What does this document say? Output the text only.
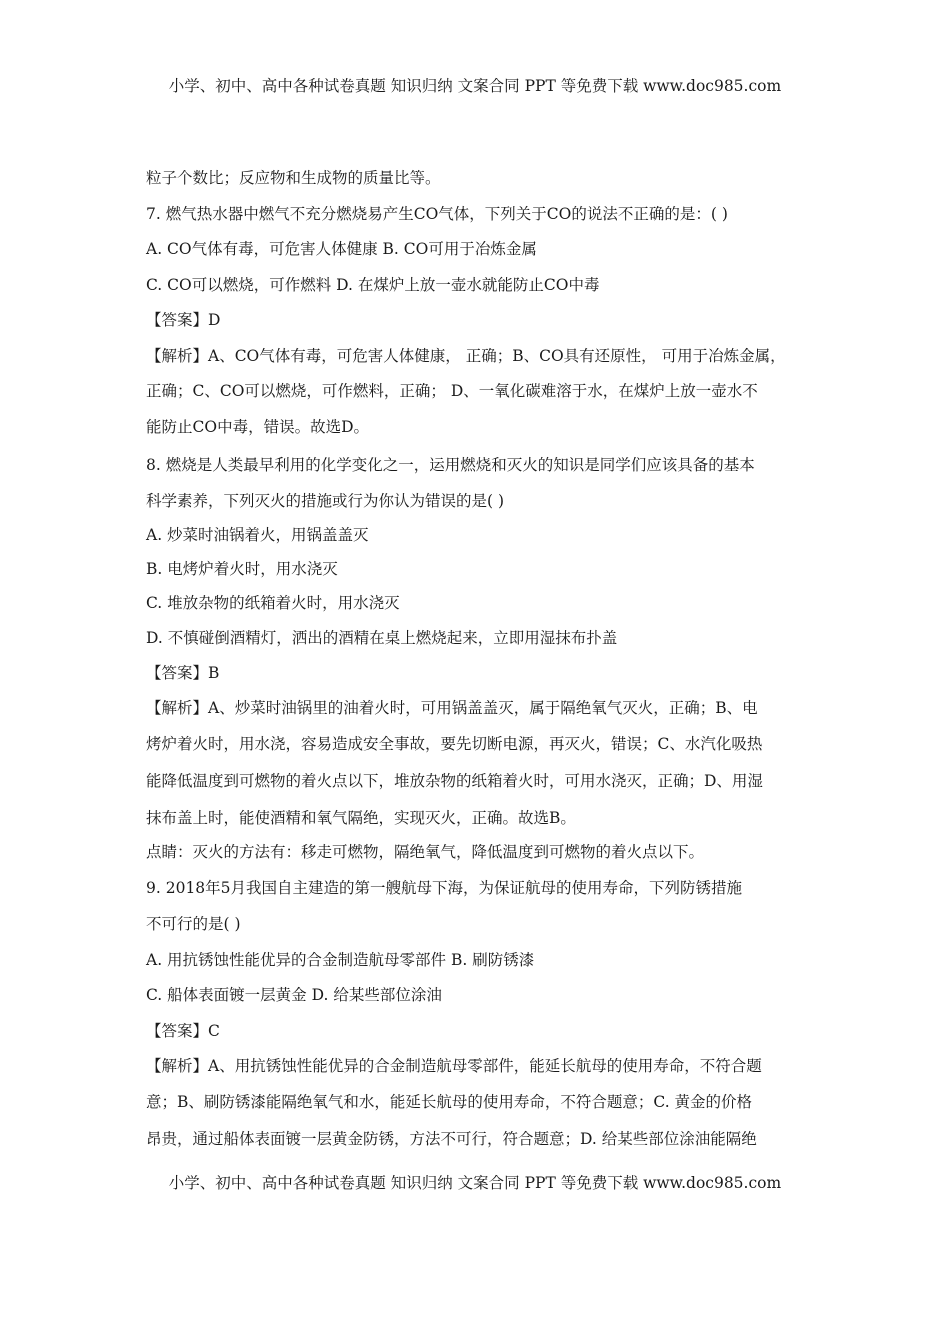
小学、初中、高中各种试卷真题 知识归纳 文案合同 PPT 等免费下载 www.doc985.com
粒子个数比；反应物和生成物的质量比等。
7. 燃气热水器中燃气不充分燃烧易产生CO气体，下列关于CO的说法不正确的是：( )
A. CO气体有毒，可危害人体健康 B. CO可用于冶炼金属
C. CO可以燃烧，可作燃料 D. 在煤炉上放一壶水就能防止CO中毒
【答案】D
【解析】A、CO气体有毒，可危害人体健康， 正确；B、CO具有还原性， 可用于冶炼金属，
正确；C、CO可以燃烧，可作燃料，正确； D、一氧化碳难溶于水，在煤炉上放一壶水不
能防止CO中毒，错误。故选D。
8. 燃烧是人类最早利用的化学变化之一，运用燃烧和灭火的知识是同学们应该具备的基本
科学素养，下列灭火的措施或行为你认为错误的是( )
A. 炒菜时油锅着火，用锅盖盖灭
B. 电烤炉着火时，用水浇灭
C. 堆放杂物的纸箱着火时，用水浇灭
D. 不慎碰倒酒精灯，洒出的酒精在桌上燃烧起来，立即用湿抹布扑盖
【答案】B
【解析】A、炒菜时油锅里的油着火时，可用锅盖盖灭，属于隔绝氧气灭火，正确；B、电
烤炉着火时，用水浇，容易造成安全事故，要先切断电源，再灭火，错误；C、水汽化吸热
能降低温度到可燃物的着火点以下，堆放杂物的纸箱着火时，可用水浇灭，正确；D、用湿
抹布盖上时，能使酒精和氧气隔绝，实现灭火，正确。故选B。
点睛：灭火的方法有：移走可燃物，隔绝氧气，降低温度到可燃物的着火点以下。
9. 2018年5月我国自主建造的第一艘航母下海，为保证航母的使用寿命，下列防锈措施
不可行的是( )
A. 用抗锈蚀性能优异的合金制造航母零部件 B. 刷防锈漆
C. 船体表面镀一层黄金 D. 给某些部位涂油
【答案】C
【解析】A、用抗锈蚀性能优异的合金制造航母零部件，能延长航母的使用寿命，不符合题
意；B、刷防锈漆能隔绝氧气和水，能延长航母的使用寿命，不符合题意；C. 黄金的价格
昂贵，通过船体表面镀一层黄金防锈，方法不可行，符合题意；D. 给某些部位涂油能隔绝
小学、初中、高中各种试卷真题 知识归纳 文案合同 PPT 等免费下载 www.doc985.com
